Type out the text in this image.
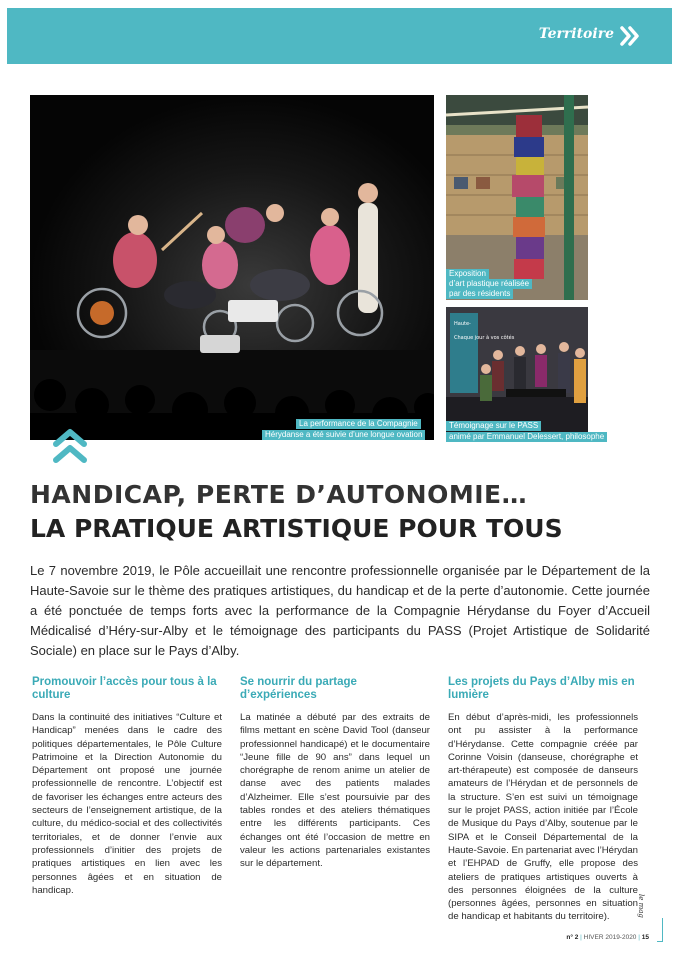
Territoire
La performance de la Compagnie
Hérydanse a été suivie d’une longue ovation
Exposition
d’art plastique réalisée
par des résidents
Haute-
Chaque jour à vos côtés
Témoignage sur le PASS
animé par Emmanuel Delessert, philosophe
HANDICAP, PERTE D’AUTONOMIE…
LA PRATIQUE ARTISTIQUE POUR TOUS

Le 7 novembre 2019, le Pôle accueillait une rencontre professionnelle organisée par le Département de la Haute-Savoie sur le thème des pratiques artistiques, du handicap et de la perte d’autonomie. Cette journée a été ponctuée de temps forts avec la performance de la Compagnie Hérydanse du Foyer d’Accueil Médicalisé d’Héry-sur-Alby et le témoignage des participants du PASS (Projet Artistique de Solidarité Sociale) en place sur le Pays d’Alby.

Promouvoir l’accès pour tous à la culture

Dans la continuité des initiatives “Culture et Handicap” menées dans le cadre des politiques départementales, le Pôle Culture Patrimoine et la Direction Autonomie du Département ont proposé une journée professionnelle de rencontre. L’objectif est de favoriser les échanges entre acteurs des secteurs de l’enseignement artistique, de la culture, du médico-social et des collectivités territoriales, et de donner l’envie aux professionnels d’initier des projets de pratiques artistiques en lien avec les personnes âgées et en situation de handicap.

Se nourrir du partage d’expériences

La matinée a débuté par des extraits de films mettant en scène David Tool (danseur professionnel handicapé) et le documentaire “Jeune fille de 90 ans” dans lequel un chorégraphe de renom anime un atelier de danse avec des patients malades d’Alzheimer. Elle s’est poursuivie par des tables rondes et des ateliers thématiques entre les différents participants. Ces échanges ont été l’occasion de mettre en valeur les actions partenariales existantes sur le département.

Les projets du Pays d’Alby mis en lumière

En début d’après-midi, les professionnels ont pu assister à la performance d’Hérydanse. Cette compagnie créée par Corinne Voisin (danseuse, chorégraphe et art-thérapeute) est composée de danseurs amateurs de l’Hérydan et de personnels de la structure. S’en est suivi un témoignage sur le projet PASS, action initiée par l’École de Musique du Pays d’Alby, soutenue par le SIPA et le Conseil Départemental de la Haute-Savoie. En partenariat avec l’Hérydan et l’EHPAD de Gruffy, elle propose des ateliers de pratiques artistiques ouverts à des personnes éloignées de la culture (personnes âgées, personnes en situation de handicap et habitants du territoire).	le mag
n° 2 | HIVER 2019-2020 | 15
